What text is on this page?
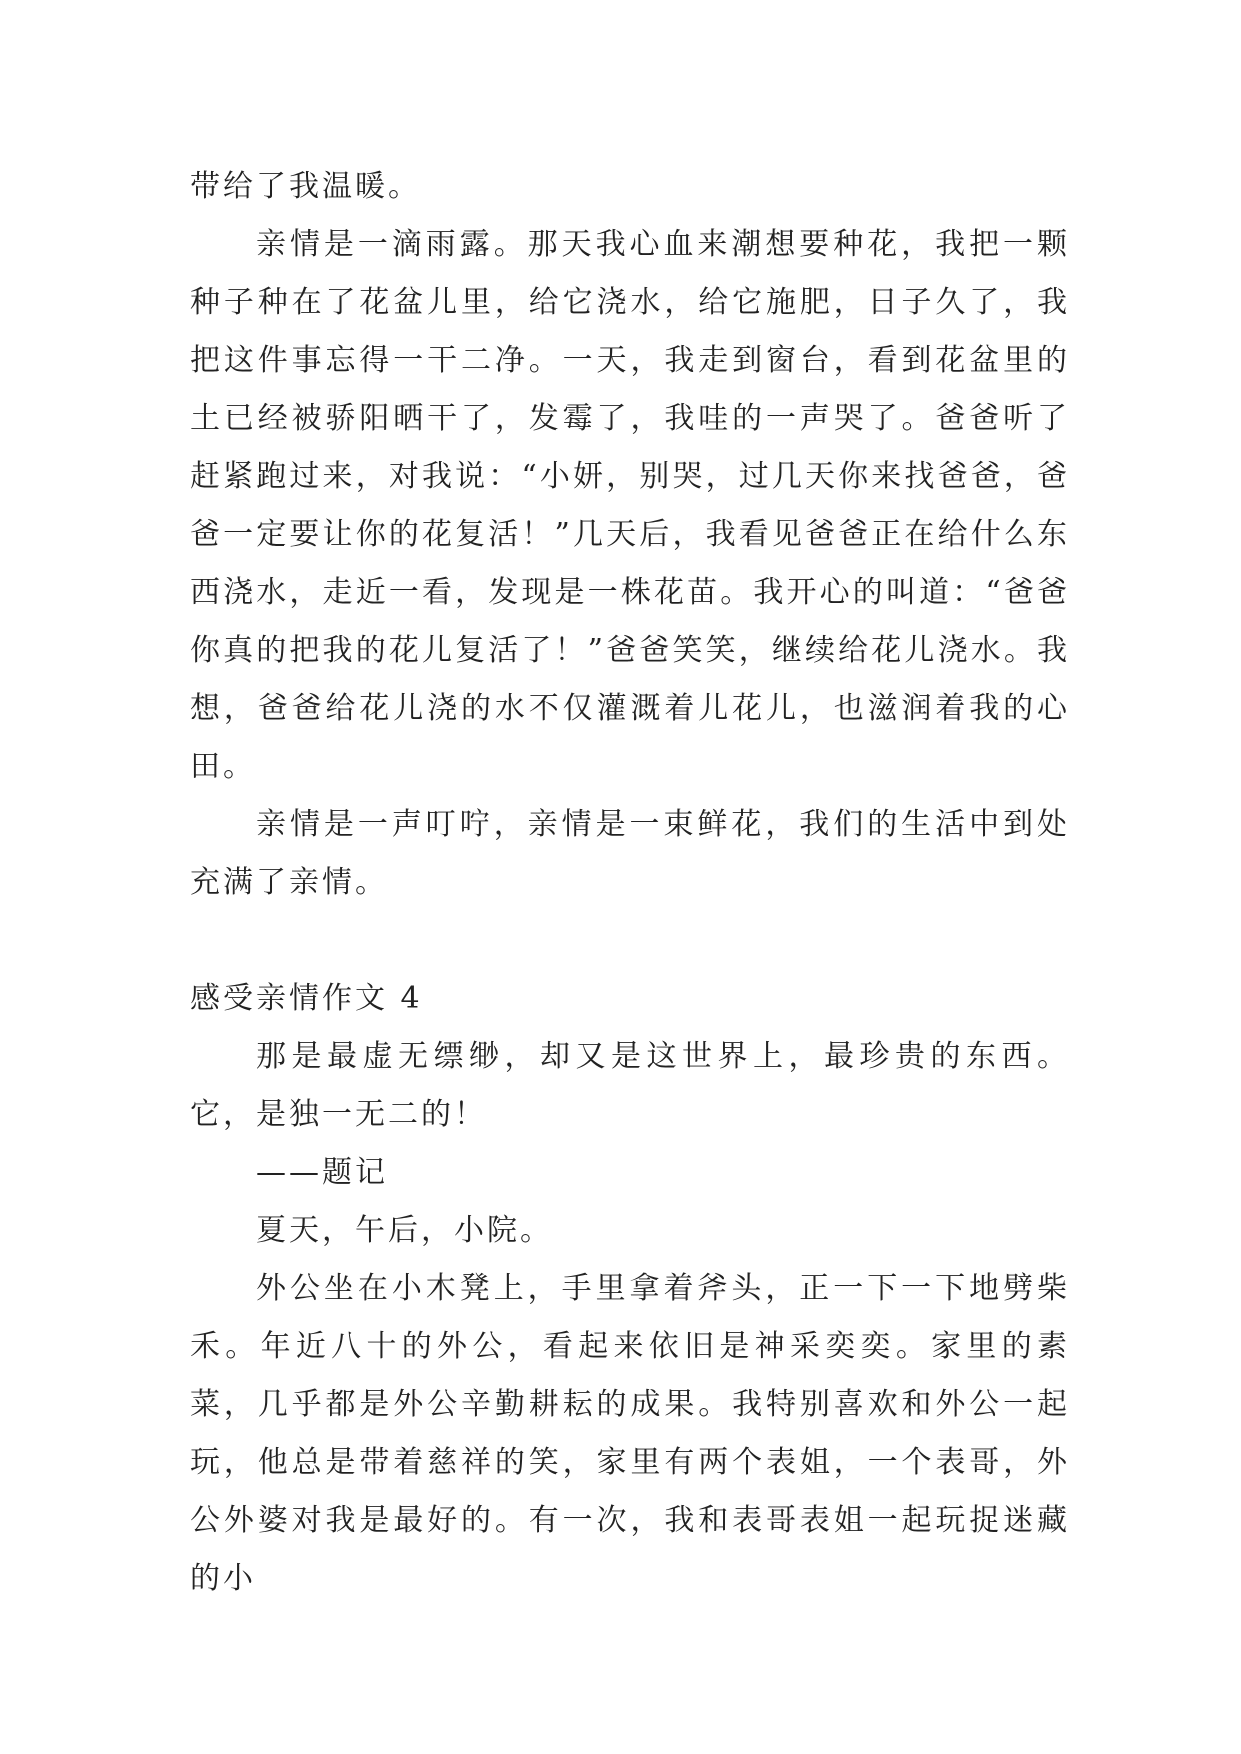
带给了我温暖。

亲情是一滴雨露。那天我心血来潮想要种花，我把一颗种子种在了花盆儿里，给它浇水，给它施肥，日子久了，我把这件事忘得一干二净。一天，我走到窗台，看到花盆里的土已经被骄阳晒干了，发霉了，我哇的一声哭了。爸爸听了赶紧跑过来，对我说：“小妍，别哭，过几天你来找爸爸，爸爸一定要让你的花复活！”几天后，我看见爸爸正在给什么东西浇水，走近一看，发现是一株花苗。我开心的叫道：“爸爸你真的把我的花儿复活了！”爸爸笑笑，继续给花儿浇水。我想，爸爸给花儿浇的水不仅灌溉着儿花儿，也滋润着我的心田。

亲情是一声叮咛，亲情是一束鲜花，我们的生活中到处充满了亲情。

感受亲情作文 4

那是最虚无缥缈，却又是这世界上，最珍贵的东西。它，是独一无二的！

——题记

夏天，午后，小院。

外公坐在小木凳上，手里拿着斧头，正一下一下地劈柴禾。年近八十的外公，看起来依旧是神采奕奕。家里的素菜，几乎都是外公辛勤耕耘的成果。我特别喜欢和外公一起玩，他总是带着慈祥的笑，家里有两个表姐，一个表哥，外公外婆对我是最好的。有一次，我和表哥表姐一起玩捉迷藏的小
